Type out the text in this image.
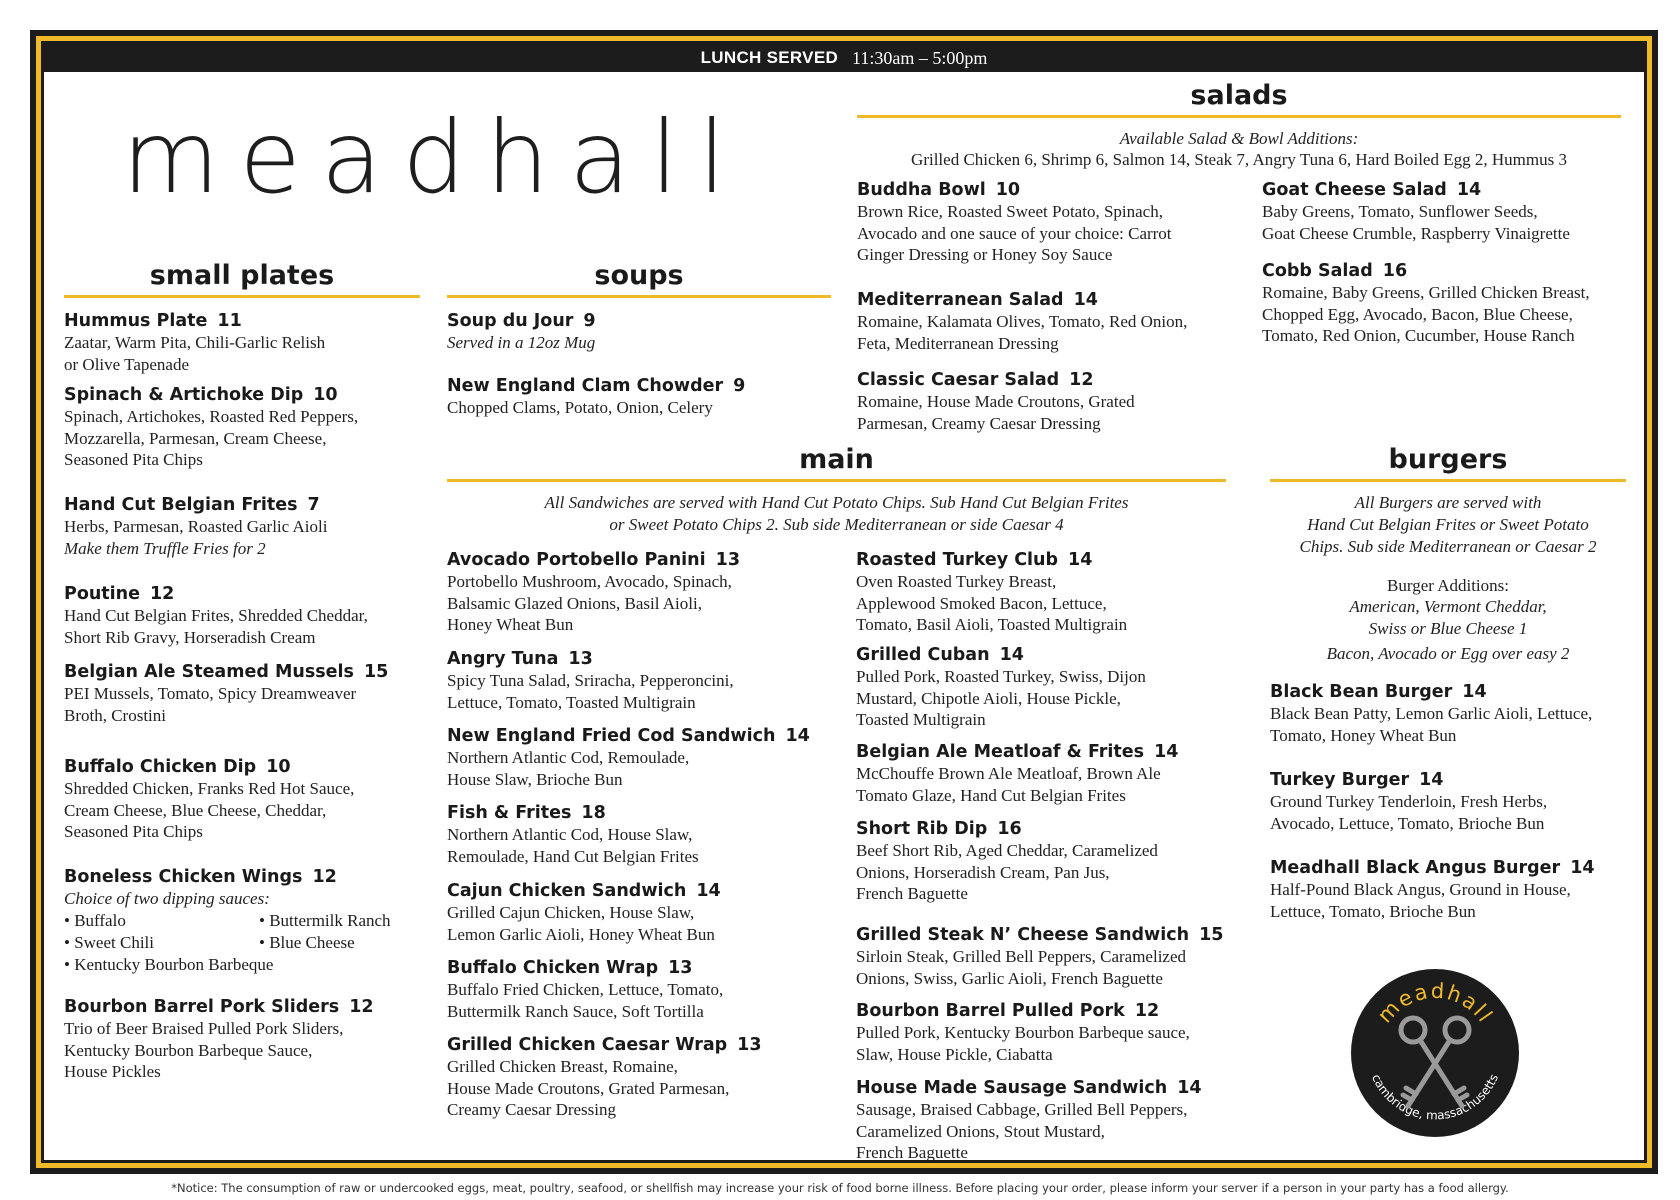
LUNCH SERVED 11:30am – 5:00pm
meadhall
small plates
Hummus Plate 11
Zaatar, Warm Pita, Chili-Garlic Relish
or Olive Tapenade
Spinach & Artichoke Dip 10
Spinach, Artichokes, Roasted Red Peppers,
Mozzarella, Parmesan, Cream Cheese,
Seasoned Pita Chips
Hand Cut Belgian Frites 7
Herbs, Parmesan, Roasted Garlic Aioli
Make them Truffle Fries for 2
Poutine 12
Hand Cut Belgian Frites, Shredded Cheddar,
Short Rib Gravy, Horseradish Cream
Belgian Ale Steamed Mussels 15
PEI Mussels, Tomato, Spicy Dreamweaver
Broth, Crostini
Buffalo Chicken Dip 10
Shredded Chicken, Franks Red Hot Sauce,
Cream Cheese, Blue Cheese, Cheddar,
Seasoned Pita Chips
Boneless Chicken Wings 12
Choice of two dipping sauces:
• Buffalo	• Buttermilk Ranch
• Sweet Chili	• Blue Cheese
• Kentucky Bourbon Barbeque
Bourbon Barrel Pork Sliders 12
Trio of Beer Braised Pulled Pork Sliders,
Kentucky Bourbon Barbeque Sauce,
House Pickles
soups
Soup du Jour 9
Served in a 12oz Mug
New England Clam Chowder 9
Chopped Clams, Potato, Onion, Celery
salads
Available Salad & Bowl Additions:
Grilled Chicken 6, Shrimp 6, Salmon 14, Steak 7, Angry Tuna 6, Hard Boiled Egg 2, Hummus 3
Buddha Bowl 10
Brown Rice, Roasted Sweet Potato, Spinach,
Avocado and one sauce of your choice: Carrot
Ginger Dressing or Honey Soy Sauce
Mediterranean Salad 14
Romaine, Kalamata Olives, Tomato, Red Onion,
Feta, Mediterranean Dressing
Classic Caesar Salad 12
Romaine, House Made Croutons, Grated
Parmesan, Creamy Caesar Dressing
Goat Cheese Salad 14
Baby Greens, Tomato, Sunflower Seeds,
Goat Cheese Crumble, Raspberry Vinaigrette
Cobb Salad 16
Romaine, Baby Greens, Grilled Chicken Breast,
Chopped Egg, Avocado, Bacon, Blue Cheese,
Tomato, Red Onion, Cucumber, House Ranch
main
All Sandwiches are served with Hand Cut Potato Chips. Sub Hand Cut Belgian Frites
or Sweet Potato Chips 2. Sub side Mediterranean or side Caesar 4
Avocado Portobello Panini 13
Portobello Mushroom, Avocado, Spinach,
Balsamic Glazed Onions, Basil Aioli,
Honey Wheat Bun
Angry Tuna 13
Spicy Tuna Salad, Sriracha, Pepperoncini,
Lettuce, Tomato, Toasted Multigrain
New England Fried Cod Sandwich 14
Northern Atlantic Cod, Remoulade,
House Slaw, Brioche Bun
Fish & Frites 18
Northern Atlantic Cod, House Slaw,
Remoulade, Hand Cut Belgian Frites
Cajun Chicken Sandwich 14
Grilled Cajun Chicken, House Slaw,
Lemon Garlic Aioli, Honey Wheat Bun
Buffalo Chicken Wrap 13
Buffalo Fried Chicken, Lettuce, Tomato,
Buttermilk Ranch Sauce, Soft Tortilla
Grilled Chicken Caesar Wrap 13
Grilled Chicken Breast, Romaine,
House Made Croutons, Grated Parmesan,
Creamy Caesar Dressing
Roasted Turkey Club 14
Oven Roasted Turkey Breast,
Applewood Smoked Bacon, Lettuce,
Tomato, Basil Aioli, Toasted Multigrain
Grilled Cuban 14
Pulled Pork, Roasted Turkey, Swiss, Dijon
Mustard, Chipotle Aioli, House Pickle,
Toasted Multigrain
Belgian Ale Meatloaf & Frites 14
McChouffe Brown Ale Meatloaf, Brown Ale
Tomato Glaze, Hand Cut Belgian Frites
Short Rib Dip 16
Beef Short Rib, Aged Cheddar, Caramelized
Onions, Horseradish Cream, Pan Jus,
French Baguette
Grilled Steak N’ Cheese Sandwich 15
Sirloin Steak, Grilled Bell Peppers, Caramelized
Onions, Swiss, Garlic Aioli, French Baguette
Bourbon Barrel Pulled Pork 12
Pulled Pork, Kentucky Bourbon Barbeque sauce,
Slaw, House Pickle, Ciabatta
House Made Sausage Sandwich 14
Sausage, Braised Cabbage, Grilled Bell Peppers,
Caramelized Onions, Stout Mustard,
French Baguette
burgers
All Burgers are served with
Hand Cut Belgian Frites or Sweet Potato
Chips. Sub side Mediterranean or Caesar 2
Burger Additions:
American, Vermont Cheddar,
Swiss or Blue Cheese 1
Bacon, Avocado or Egg over easy 2
Black Bean Burger 14
Black Bean Patty, Lemon Garlic Aioli, Lettuce,
Tomato, Honey Wheat Bun
Turkey Burger 14
Ground Turkey Tenderloin, Fresh Herbs,
Avocado, Lettuce, Tomato, Brioche Bun
Meadhall Black Angus Burger 14
Half-Pound Black Angus, Ground in House,
Lettuce, Tomato, Brioche Bun
meadhall
cambridge, massachusetts
*Notice: The consumption of raw or undercooked eggs, meat, poultry, seafood, or shellfish may increase your risk of food borne illness. Before placing your order, please inform your server if a person in your party has a food allergy.
